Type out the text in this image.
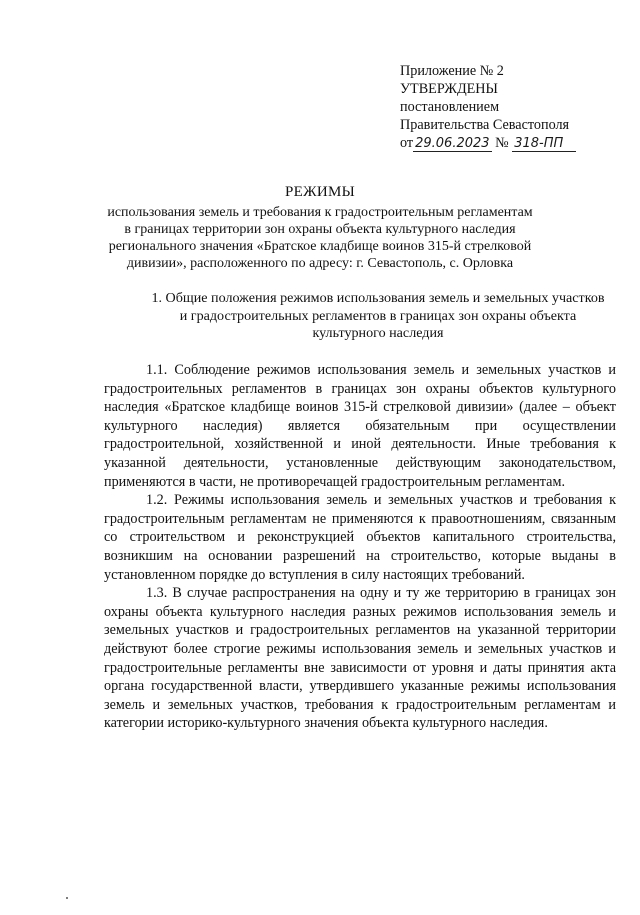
Приложение № 2
УТВЕРЖДЕНЫ
постановлением
Правительства Севастополя
от 29.06.2023 № 318-ПП
РЕЖИМЫ
использования земель и требования к градостроительным регламентам
в границах территории зон охраны объекта культурного наследия
регионального значения «Братское кладбище воинов 315-й стрелковой
дивизии», расположенного по адресу: г. Севастополь, с. Орловка
1. Общие положения режимов использования земель и земельных участков и градостроительных регламентов в границах зон охраны объекта культурного наследия

1.1. Соблюдение режимов использования земель и земельных участков и градостроительных регламентов в границах зон охраны объектов культурного наследия «Братское кладбище воинов 315-й стрелковой дивизии» (далее – объект культурного наследия) является обязательным при осуществлении градостроительной, хозяйственной и иной деятельности. Иные требования к указанной деятельности, установленные действующим законодательством, применяются в части, не противоречащей градостроительным регламентам.

1.2. Режимы использования земель и земельных участков и требования к градостроительным регламентам не применяются к правоотношениям, связанным со строительством и реконструкцией объектов капитального строительства, возникшим на основании разрешений на строительство, которые выданы в установленном порядке до вступления в силу настоящих требований.

1.3. В случае распространения на одну и ту же территорию в границах зон охраны объекта культурного наследия разных режимов использования земель и земельных участков и градостроительных регламентов на указанной территории действуют более строгие режимы использования земель и земельных участков и градостроительные регламенты вне зависимости от уровня и даты принятия акта органа государственной власти, утвердившего указанные режимы использования земель и земельных участков, требования к градостроительным регламентам и категории историко-культурного значения объекта культурного наследия.
